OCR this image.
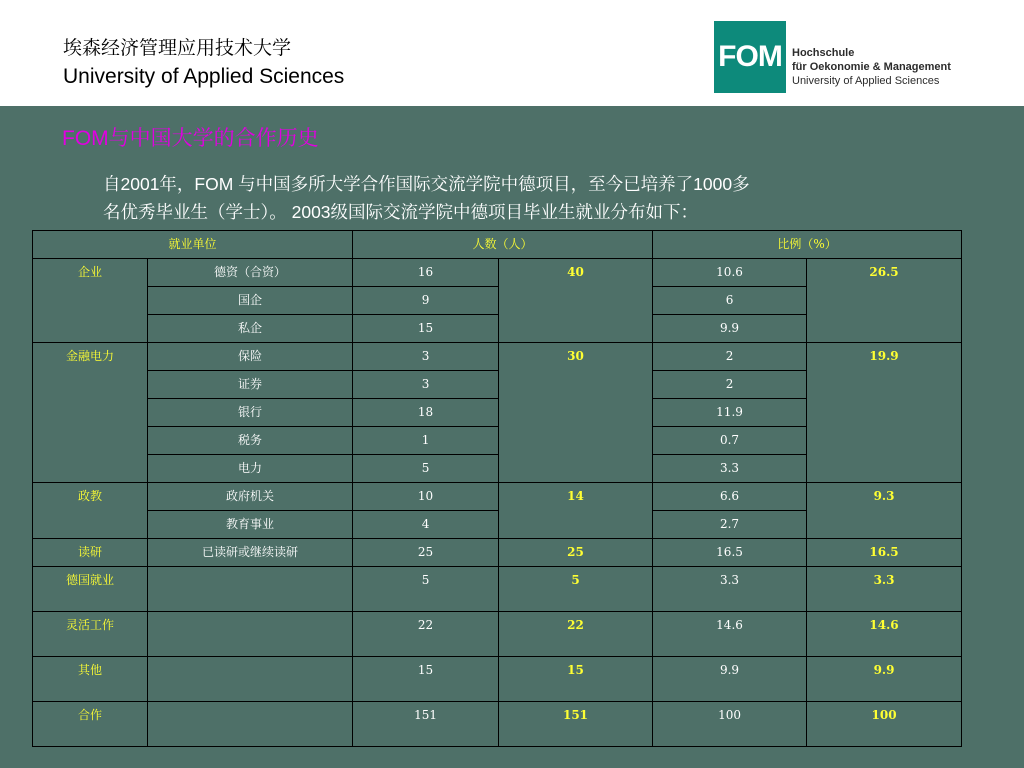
埃森经济管理应用技术大学
University of Applied Sciences
FOM Hochschule
für Oekonomie & Management
University of Applied Sciences
FOM与中国大学的合作历史
自2001年，FOM 与中国多所大学合作国际交流学院中德项目，至今已培养了1000多
名优秀毕业生（学士）。 2003级国际交流学院中德项目毕业生就业分布如下：
就业单位		人数（人）		比例（%）	
企业	德资（合资）	16	40	10.6	26.5
	国企	9		6	
	私企	15		9.9	
金融电力	保险	3	30	2	19.9
	证券	3		2	
	银行	18		11.9	
	税务	1		0.7	
	电力	5		3.3	
政教	政府机关	10	14	6.6	9.3
	教育事业	4		2.7	
读研	已读研或继续读研	25	25	16.5	16.5
德国就业		5	5	3.3	3.3
灵活工作		22	22	14.6	14.6
其他		15	15	9.9	9.9
合作		151	151	100	100
